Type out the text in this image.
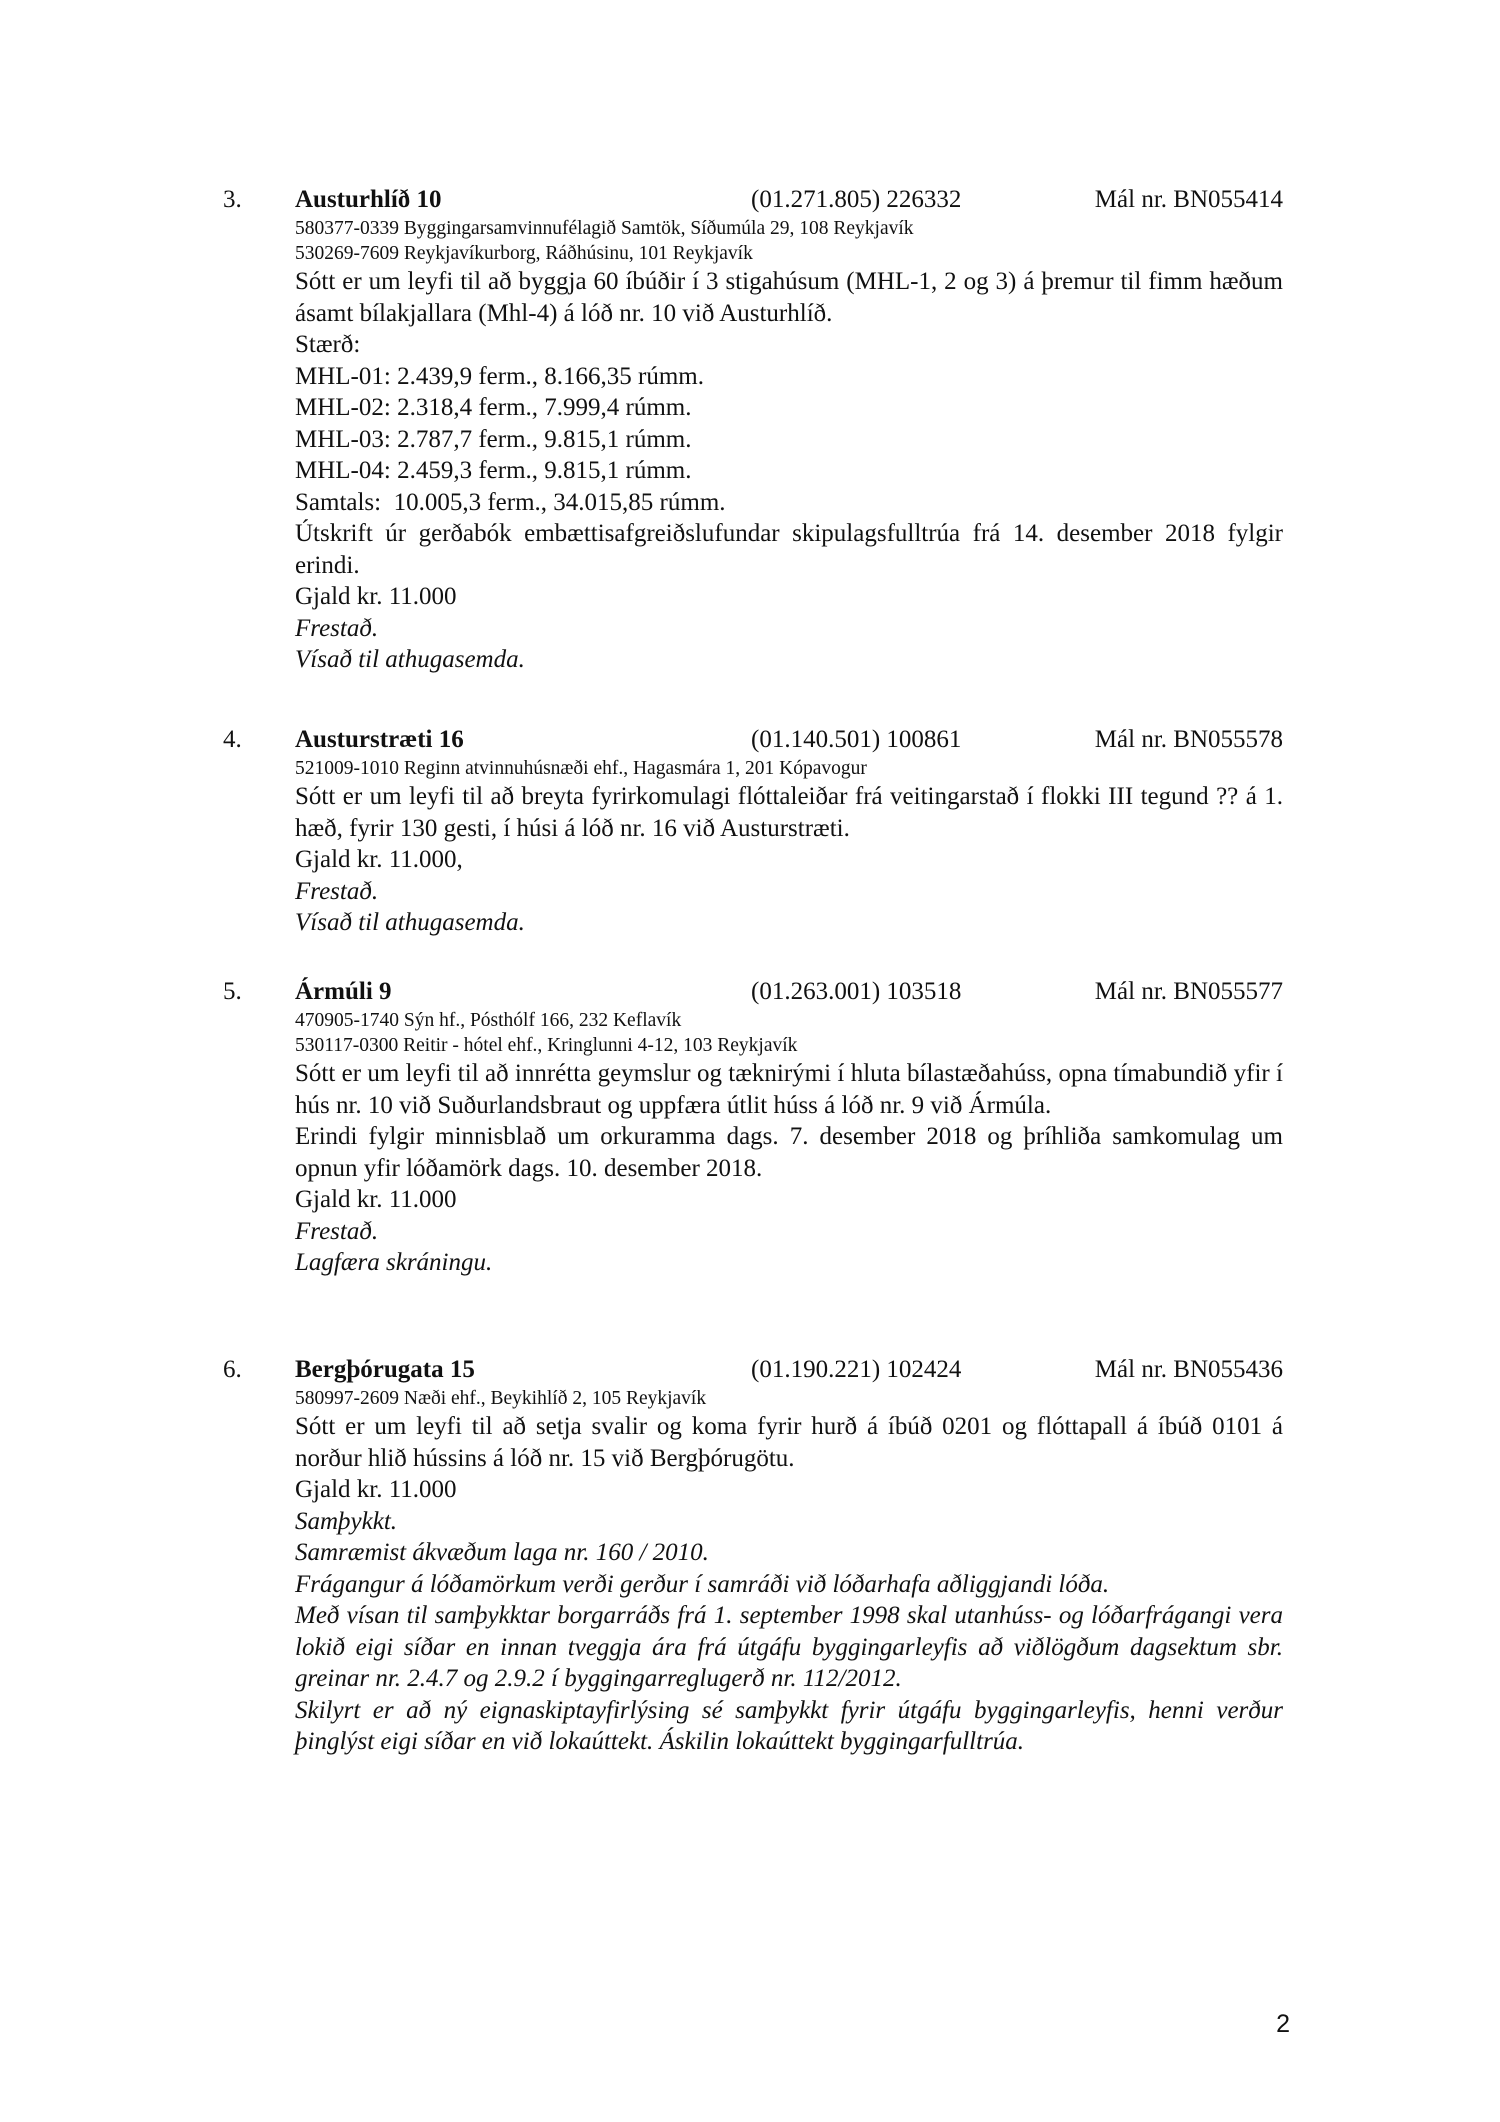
3. Austurhlíð 10	(01.271.805) 226332	Mál nr. BN055414
580377-0339 Byggingarsamvinnufélagið Samtök, Síðumúla 29, 108 Reykjavík
530269-7609 Reykjavíkurborg, Ráðhúsinu, 101 Reykjavík
Sótt er um leyfi til að byggja 60 íbúðir í 3 stigahúsum (MHL-1, 2 og 3) á þremur til fimm hæðum ásamt bílakjallara (Mhl-4) á lóð nr. 10 við Austurhlíð.
Stærð:
MHL-01: 2.439,9 ferm., 8.166,35 rúmm.
MHL-02: 2.318,4 ferm., 7.999,4 rúmm.
MHL-03: 2.787,7 ferm., 9.815,1 rúmm.
MHL-04: 2.459,3 ferm., 9.815,1 rúmm.
Samtals:  10.005,3 ferm., 34.015,85 rúmm.
Útskrift úr gerðabók embættisafgreiðslufundar skipulagsfulltrúa frá 14. desember 2018 fylgir erindi.
Gjald kr. 11.000
Frestað.
Vísað til athugasemda.
4. Austurstræti 16	(01.140.501) 100861	Mál nr. BN055578
521009-1010 Reginn atvinnuhúsnæði ehf., Hagasmára 1, 201 Kópavogur
Sótt er um leyfi til að breyta fyrirkomulagi flóttaleiðar frá veitingarstað í flokki III tegund ?? á 1. hæð, fyrir 130 gesti, í húsi á lóð nr. 16 við Austurstræti.
Gjald kr. 11.000,
Frestað.
Vísað til athugasemda.
5. Ármúli 9	(01.263.001) 103518	Mál nr. BN055577
470905-1740 Sýn hf., Pósthólf 166, 232 Keflavík
530117-0300 Reitir - hótel ehf., Kringlunni 4-12, 103 Reykjavík
Sótt er um leyfi til að innrétta geymslur og tæknirými í hluta bílastæðahúss, opna tímabundið yfir í hús nr. 10 við Suðurlandsbraut og uppfæra útlit húss á lóð nr. 9 við Ármúla.
Erindi fylgir minnisblað um orkuramma dags. 7. desember 2018 og þríhliða samkomulag um opnun yfir lóðamörk dags. 10. desember 2018.
Gjald kr. 11.000
Frestað.
Lagfæra skráningu.
6. Bergþórugata 15	(01.190.221) 102424	Mál nr. BN055436
580997-2609 Næði ehf., Beykihlíð 2, 105 Reykjavík
Sótt er um leyfi til að setja svalir og koma fyrir hurð á íbúð 0201 og flóttapall á íbúð 0101 á norður hlið hússins á lóð nr. 15 við Bergþórugötu.
Gjald kr. 11.000
Samþykkt.
Samræmist ákvæðum laga nr. 160 / 2010.
Frágangur á lóðamörkum verði gerður í samráði við lóðarhafa aðliggjandi lóða.
Með vísan til samþykktar borgarráðs frá 1. september 1998 skal utanhúss- og lóðarfrágangi vera lokið eigi síðar en innan tveggja ára frá útgáfu byggingarleyfis að viðlögðum dagsektum sbr. greinar nr. 2.4.7 og 2.9.2 í byggingarreglugerð nr. 112/2012.
Skilyrt er að ný eignaskiptayfirlýsing sé samþykkt fyrir útgáfu byggingarleyfis, henni verður þinglýst eigi síðar en við lokaúttekt. Áskilin lokaúttekt byggingarfulltrúa.
2
